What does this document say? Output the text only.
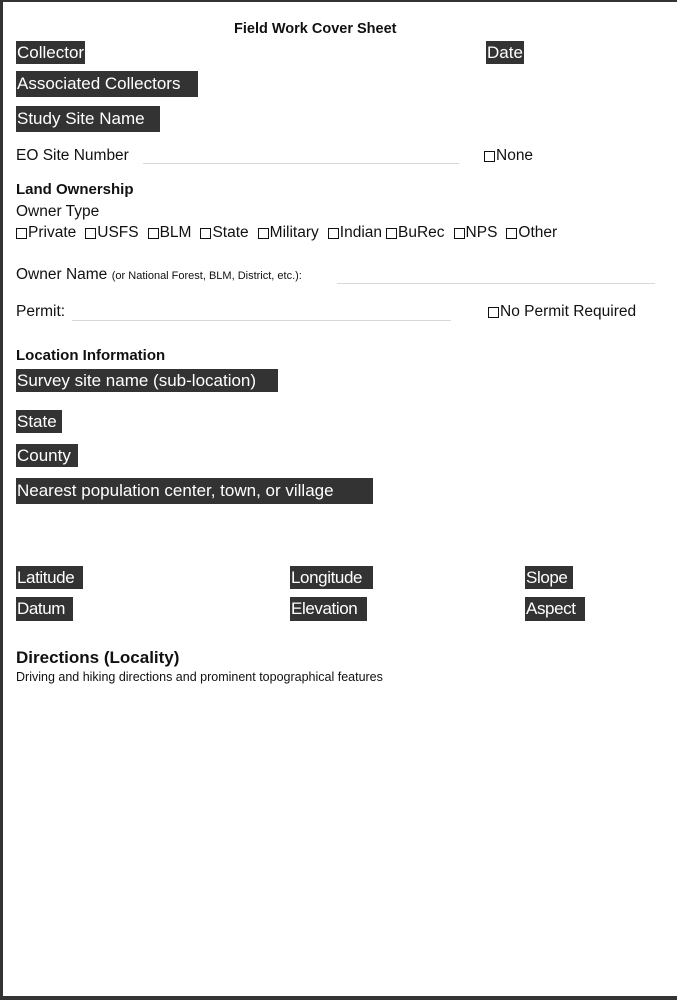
Field Work Cover Sheet
Collector	Date
Associated Collectors
Study Site Name
EO Site Number	None
Land Ownership
Owner Type
Private USFS BLM State Military Indian BuRec NPS Other
Owner Name (or National Forest, BLM, District, etc.):
Permit:	No Permit Required
Location Information
Survey site name (sub-location)
State
County
Nearest population center, town, or village
Latitude	Longitude	Slope
Datum	Elevation	Aspect
Directions (Locality)
Driving and hiking directions and prominent topographical features
